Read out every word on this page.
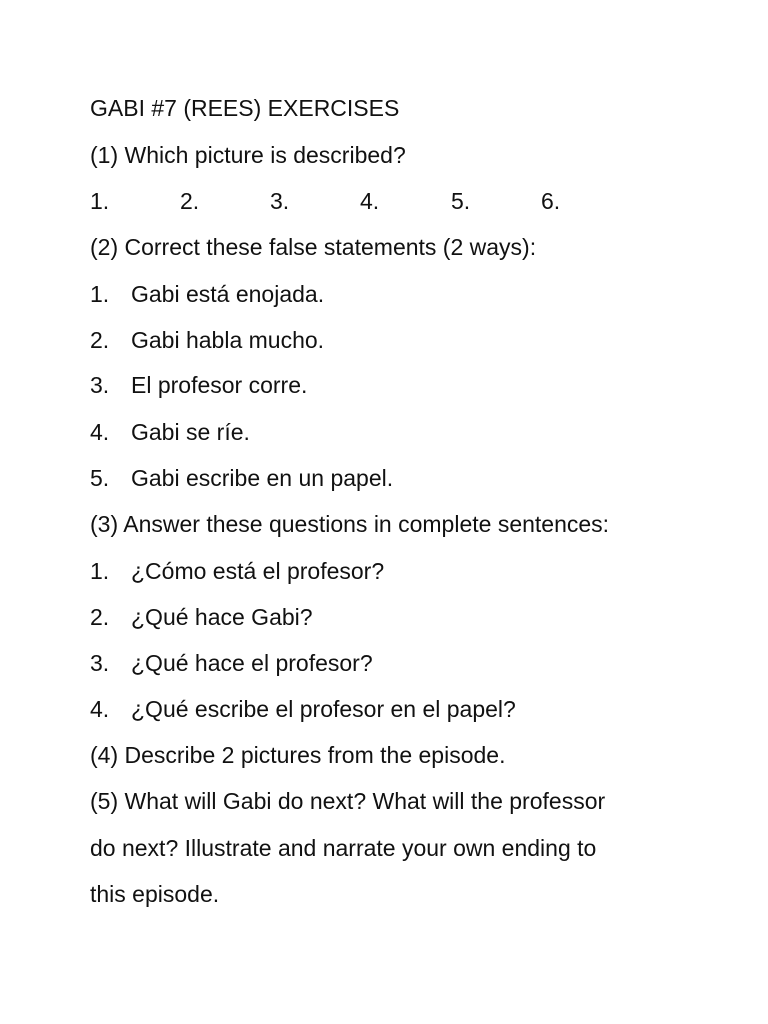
GABI #7 (REES) EXERCISES
(1) Which picture is described?
1.	2.	3.	4.	5.	6.
(2) Correct these false statements (2 ways):
1. Gabi está enojada.
2. Gabi habla mucho.
3. El profesor corre.
4. Gabi se ríe.
5. Gabi escribe en un papel.
(3) Answer these questions in complete sentences:
1. ¿Cómo está el profesor?
2. ¿Qué hace Gabi?
3. ¿Qué hace el profesor?
4. ¿Qué escribe el profesor en el papel?
(4) Describe 2 pictures from the episode.
(5) What will Gabi do next? What will the professor
do next? Illustrate and narrate your own ending to
this episode.
